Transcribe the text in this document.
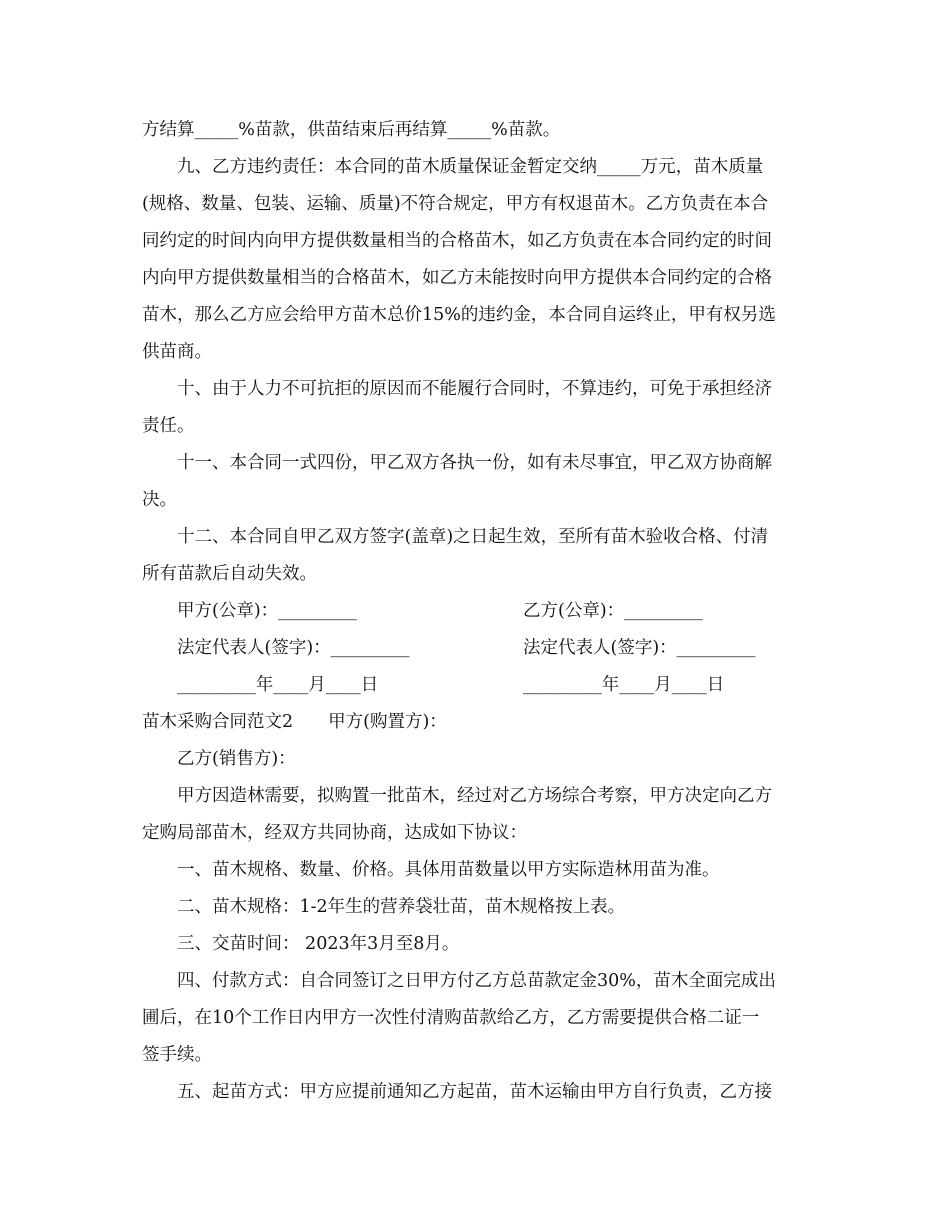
方结算_____%苗款，供苗结束后再结算_____%苗款。
九、乙方违约责任：本合同的苗木质量保证金暂定交纳_____万元，苗木质量
(规格、数量、包装、运输、质量)不符合规定，甲方有权退苗木。乙方负责在本合
同约定的时间内向甲方提供数量相当的合格苗木，如乙方负责在本合同约定的时间
内向甲方提供数量相当的合格苗木，如乙方未能按时向甲方提供本合同约定的合格
苗木，那么乙方应会给甲方苗木总价15%的违约金，本合同自运终止，甲有权另选
供苗商。
十、由于人力不可抗拒的原因而不能履行合同时，不算违约，可免于承担经济
责任。
十一、本合同一式四份，甲乙双方各执一份，如有未尽事宜，甲乙双方协商解
决。
十二、本合同自甲乙双方签字(盖章)之日起生效，至所有苗木验收合格、付清
所有苗款后自动失效。
甲方(公章)：_________	乙方(公章)：_________
法定代表人(签字)：_________	法定代表人(签字)：_________
_________年____月____日	_________年____月____日
苗木采购合同范文2　　甲方(购置方)：
乙方(销售方)：
甲方因造林需要，拟购置一批苗木，经过对乙方场综合考察，甲方决定向乙方
定购局部苗木，经双方共同协商，达成如下协议：
一、苗木规格、数量、价格。具体用苗数量以甲方实际造林用苗为准。
二、苗木规格：1-2年生的营养袋壮苗，苗木规格按上表。
三、交苗时间： 2023年3月至8月。
四、付款方式：自合同签订之日甲方付乙方总苗款定金30%，苗木全面完成出
圃后，在10个工作日内甲方一次性付清购苗款给乙方，乙方需要提供合格二证一
签手续。
五、起苗方式：甲方应提前通知乙方起苗，苗木运输由甲方自行负责，乙方接
